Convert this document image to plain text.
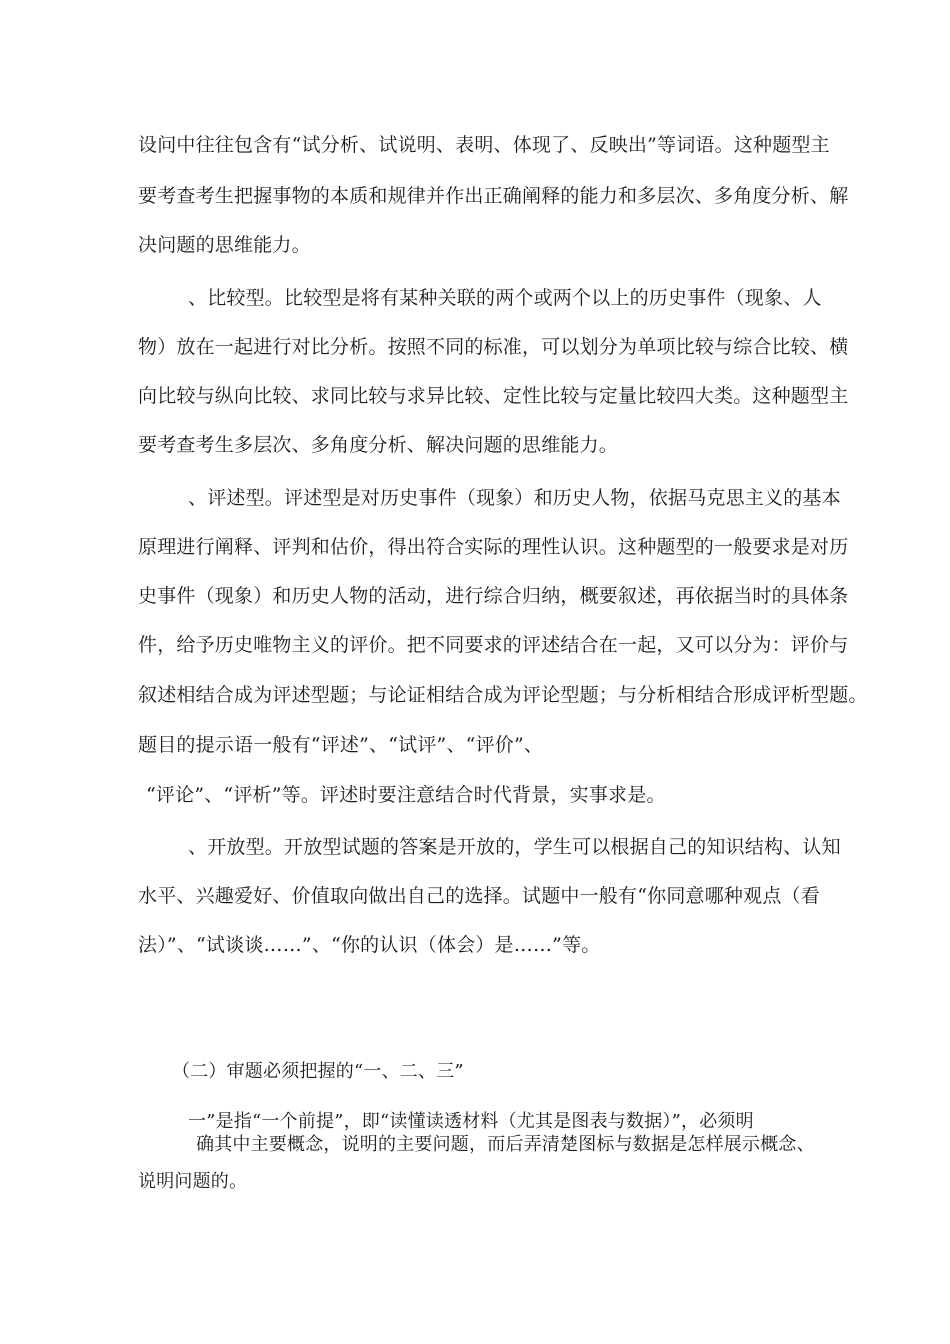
设问中往往包含有“试分析、试说明、表明、体现了、反映出”等词语。这种题型主
要考查考生把握事物的本质和规律并作出正确阐释的能力和多层次、多角度分析、解
决问题的思维能力。
、比较型。比较型是将有某种关联的两个或两个以上的历史事件（现象、人
物）放在一起进行对比分析。按照不同的标准，可以划分为单项比较与综合比较、横
向比较与纵向比较、求同比较与求异比较、定性比较与定量比较四大类。这种题型主
要考查考生多层次、多角度分析、解决问题的思维能力。
、评述型。评述型是对历史事件（现象）和历史人物，依据马克思主义的基本
原理进行阐释、评判和估价，得出符合实际的理性认识。这种题型的一般要求是对历
史事件（现象）和历史人物的活动，进行综合归纳，概要叙述，再依据当时的具体条
件，给予历史唯物主义的评价。把不同要求的评述结合在一起，又可以分为：评价与
叙述相结合成为评述型题；与论证相结合成为评论型题；与分析相结合形成评析型题。
题目的提示语一般有“评述”、“试评”、“评价”、
“评论”、“评析”等。评述时要注意结合时代背景，实事求是。
、开放型。开放型试题的答案是开放的，学生可以根据自己的知识结构、认知
水平、兴趣爱好、价值取向做出自己的选择。试题中一般有“你同意哪种观点（看
法）”、“试谈谈……”、“你的认识（体会）是……”等。
（二）审题必须把握的“一、二、三”
一”是指“一个前提”，即“读懂读透材料（尤其是图表与数据）”，必须明
确其中主要概念，说明的主要问题，而后弄清楚图标与数据是怎样展示概念、
说明问题的。
